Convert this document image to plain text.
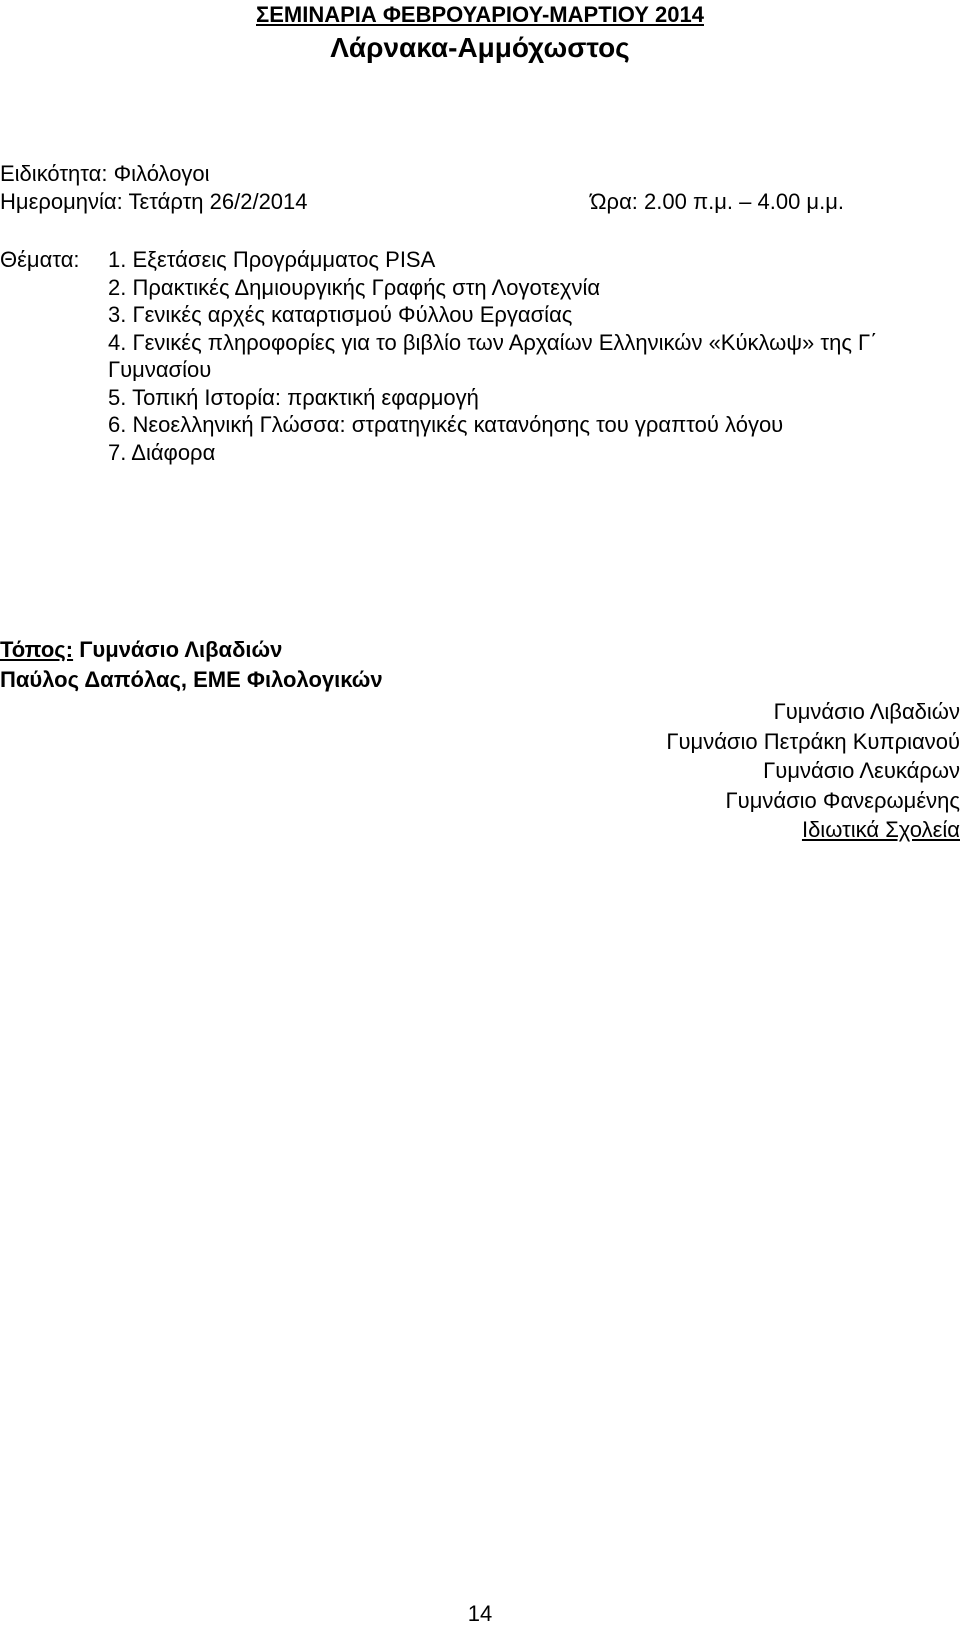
ΣΕΜΙΝΑΡΙΑ ΦΕΒΡΟΥΑΡΙΟΥ-ΜΑΡΤΙΟΥ 2014
Λάρνακα-Αμμόχωστος
Ειδικότητα: Φιλόλογοι
Ημερομηνία: Τετάρτη 26/2/2014	Ώρα: 2.00 π.μ. – 4.00 μ.μ.
Θέματα: 1. Εξετάσεις Προγράμματος PISA
2. Πρακτικές Δημιουργικής Γραφής στη Λογοτεχνία
3. Γενικές αρχές καταρτισμού Φύλλου Εργασίας
4. Γενικές πληροφορίες για το βιβλίο των Αρχαίων Ελληνικών «Κύκλωψ» της Γ΄ Γυμνασίου
5. Τοπική Ιστορία: πρακτική εφαρμογή
6. Νεοελληνική Γλώσσα: στρατηγικές κατανόησης του γραπτού λόγου
7. Διάφορα
Τόπος: Γυμνάσιο Λιβαδιών
Παύλος Δαπόλας, ΕΜΕ Φιλολογικών
Γυμνάσιο Λιβαδιών
Γυμνάσιο Πετράκη Κυπριανού
Γυμνάσιο Λευκάρων
Γυμνάσιο Φανερωμένης
Ιδιωτικά Σχολεία
14
